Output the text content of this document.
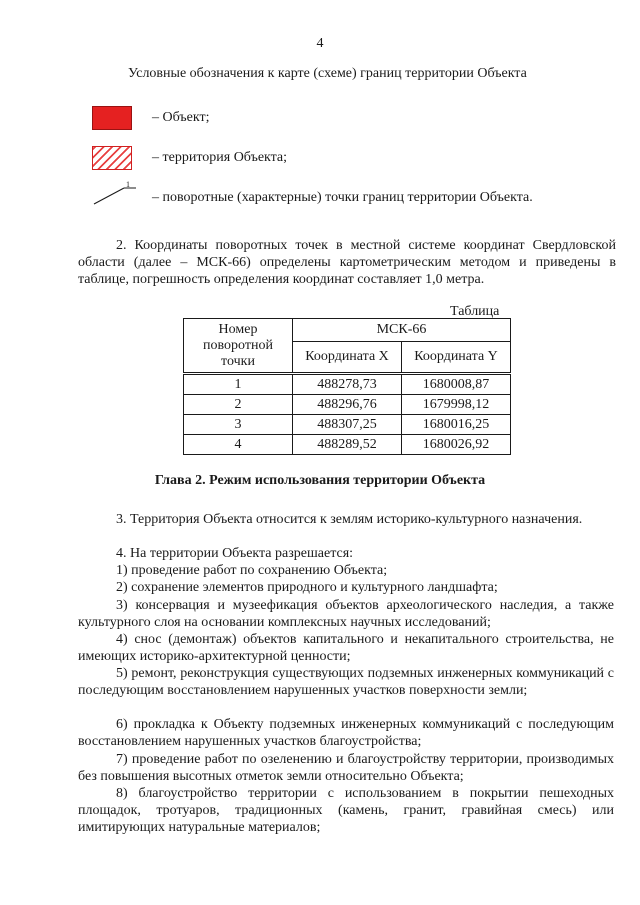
4
Условные обозначения к карте (схеме) границ территории Объекта
– Объект;
– территория Объекта;
1
– поворотные (характерные) точки границ территории Объекта.

2. Координаты поворотных точек в местной системе координат Свердловской области (далее – МСК-66) определены картометрическим методом и приведены в таблице, погрешность определения координат составляет 1,0 метра.

Таблица
Номер поворотной точки	МСК-66	
	Координата X	Координата Y
1	488278,73	1680008,87
2	488296,76	1679998,12
3	488307,25	1680016,25
4	488289,52	1680026,92
Глава 2. Режим использования территории Объекта

3. Территория Объекта относится к землям историко-культурного назначения.

4. На территории Объекта разрешается:

1) проведение работ по сохранению Объекта;

2) сохранение элементов природного и культурного ландшафта;

3) консервация и музеефикация объектов археологического наследия, а также культурного слоя на основании комплексных научных исследований;

4) снос (демонтаж) объектов капитального и некапитального строительства, не имеющих историко-архитектурной ценности;

5) ремонт, реконструкция существующих подземных инженерных коммуникаций с последующим восстановлением нарушенных участков поверхности земли;

6) прокладка к Объекту подземных инженерных коммуникаций с последующим восстановлением нарушенных участков благоустройства;

7) проведение работ по озеленению и благоустройству территории, производимых без повышения высотных отметок земли относительно Объекта;

8) благоустройство территории с использованием в покрытии пешеходных площадок, тротуаров, традиционных (камень, гранит, гравийная смесь) или имитирующих натуральные материалов;
